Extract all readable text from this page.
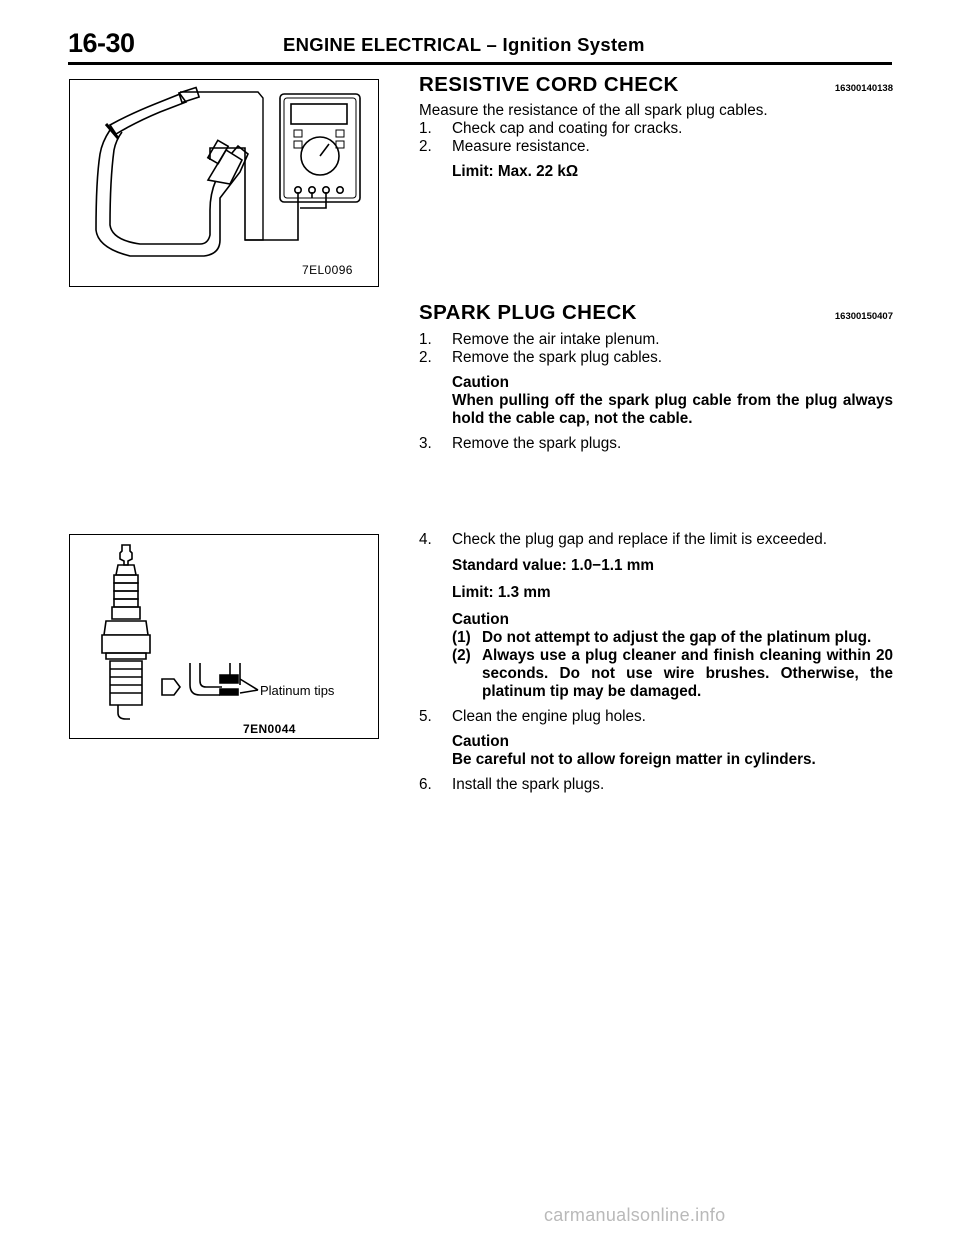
16-30	ENGINE ELECTRICAL – Ignition System
7EL0096
Platinum tips
7EN0044
RESISTIVE CORD CHECK	16300140138

Measure the resistance of the all spark plug cables.

1.	Check cap and coating for cracks.
2.	Measure resistance.

Limit: Max. 22 kΩ

SPARK PLUG CHECK	16300150407
1.	Remove the air intake plenum.
2.	Remove the spark plug cables.

Caution

When pulling off the spark plug cable from the plug always hold the cable cap, not the cable.

3.	Remove the spark plugs.
4.	Check the plug gap and replace if the limit is exceeded.

Standard value: 1.0−1.1 mm

Limit: 1.3 mm

Caution

(1) Do not attempt to adjust the gap of the platinum plug.
(2) Always use a plug cleaner and finish cleaning within 20 seconds. Do not use wire brushes. Otherwise, the platinum tip may be damaged.
5.	Clean the engine plug holes.

Caution

Be careful not to allow foreign matter in cylinders.

6.	Install the spark plugs.
carmanualsonline.info
